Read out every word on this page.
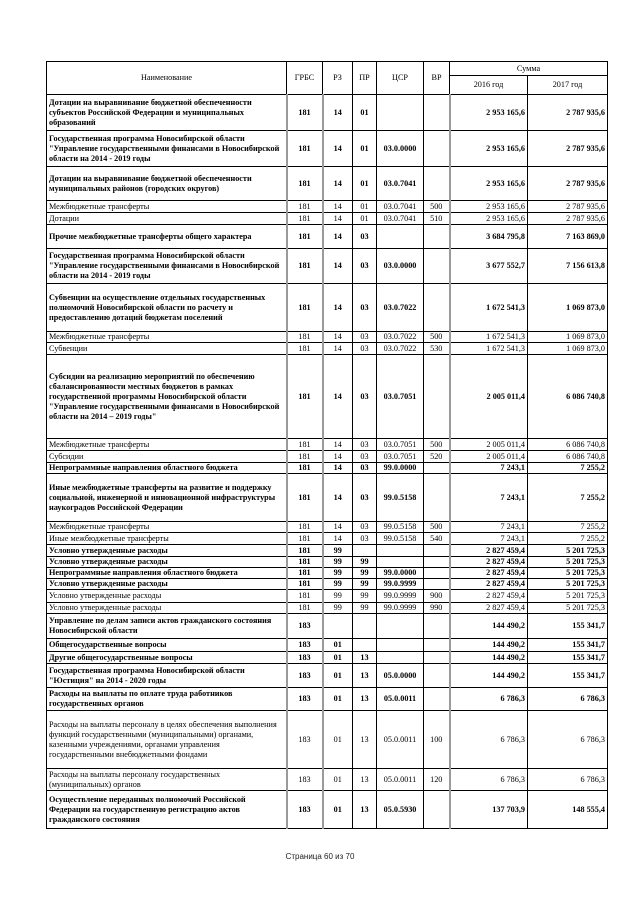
Наименование	ГРБС	РЗ	ПР	ЦСР	ВР	Сумма	
						2016 год	2017 год
Дотации на выравнивание бюджетной обеспеченности субъектов Российской Федерации и муниципальных образований	181	14	01			2 953 165,6	2 787 935,6
Государственная программа Новосибирской области "Управление государственными финансами в Новосибирской области на 2014 - 2019 годы	181	14	01	03.0.0000		2 953 165,6	2 787 935,6
Дотации на выравнивание бюджетной обеспеченности муниципальных районов (городских округов)	181	14	01	03.0.7041		2 953 165,6	2 787 935,6
Межбюджетные трансферты	181	14	01	03.0.7041	500	2 953 165,6	2 787 935,6
Дотации	181	14	01	03.0.7041	510	2 953 165,6	2 787 935,6
Прочие межбюджетные трансферты общего характера	181	14	03			3 684 795,8	7 163 869,0
Государственная программа Новосибирской области "Управление государственными финансами в Новосибирской области на 2014 - 2019 годы	181	14	03	03.0.0000		3 677 552,7	7 156 613,8
Субвенции на осуществление отдельных государственных полномочий Новосибирской области по расчету и предоставлению дотаций бюджетам поселений	181	14	03	03.0.7022		1 672 541,3	1 069 873,0
Межбюджетные трансферты	181	14	03	03.0.7022	500	1 672 541,3	1 069 873,0
Субвенции	181	14	03	03.0.7022	530	1 672 541,3	1 069 873,0
Субсидии на реализацию мероприятий по обеспечению сбалансированности местных бюджетов в рамках государственной программы Новосибирской области "Управление государственными финансами в Новосибирской области на 2014 – 2019 годы"	181	14	03	03.0.7051		2 005 011,4	6 086 740,8
Межбюджетные трансферты	181	14	03	03.0.7051	500	2 005 011,4	6 086 740,8
Субсидии	181	14	03	03.0.7051	520	2 005 011,4	6 086 740,8
Непрограммные направления областного бюджета	181	14	03	99.0.0000		7 243,1	7 255,2
Иные межбюджетные трансферты на развитие и поддержку социальной, инженерной и инновационной инфраструктуры наукоградов Российской Федерации	181	14	03	99.0.5158		7 243,1	7 255,2
Межбюджетные трансферты	181	14	03	99.0.5158	500	7 243,1	7 255,2
Иные межбюджетные трансферты	181	14	03	99.0.5158	540	7 243,1	7 255,2
Условно утвержденные расходы	181	99				2 827 459,4	5 201 725,3
Условно утвержденные расходы	181	99	99			2 827 459,4	5 201 725,3
Непрограммные направления областного бюджета	181	99	99	99.0.0000		2 827 459,4	5 201 725,3
Условно утвержденные расходы	181	99	99	99.0.9999		2 827 459,4	5 201 725,3
Условно утвержденные расходы	181	99	99	99.0.9999	900	2 827 459,4	5 201 725,3
Условно утвержденные расходы	181	99	99	99.0.9999	990	2 827 459,4	5 201 725,3
Управление по делам записи актов гражданского состояния Новосибирской области	183					144 490,2	155 341,7
Общегосударственные вопросы	183	01				144 490,2	155 341,7
Другие общегосударственные вопросы	183	01	13			144 490,2	155 341,7
Государственная программа Новосибирской области "Юстиция" на 2014 - 2020 годы	183	01	13	05.0.0000		144 490,2	155 341,7
Расходы на выплаты по оплате труда работников государственных органов	183	01	13	05.0.0011		6 786,3	6 786,3
Расходы на выплаты персоналу в целях обеспечения выполнения функций государственными (муниципальными) органами, казенными учреждениями, органами управления государственными внебюджетными фондами	183	01	13	05.0.0011	100	6 786,3	6 786,3
Расходы на выплаты персоналу государственных (муниципальных) органов	183	01	13	05.0.0011	120	6 786,3	6 786,3
Осуществление переданных полномочий Российской Федерации на государственную регистрацию актов гражданского состояния	183	01	13	05.0.5930		137 703,9	148 555,4
Страница 60 из 70
